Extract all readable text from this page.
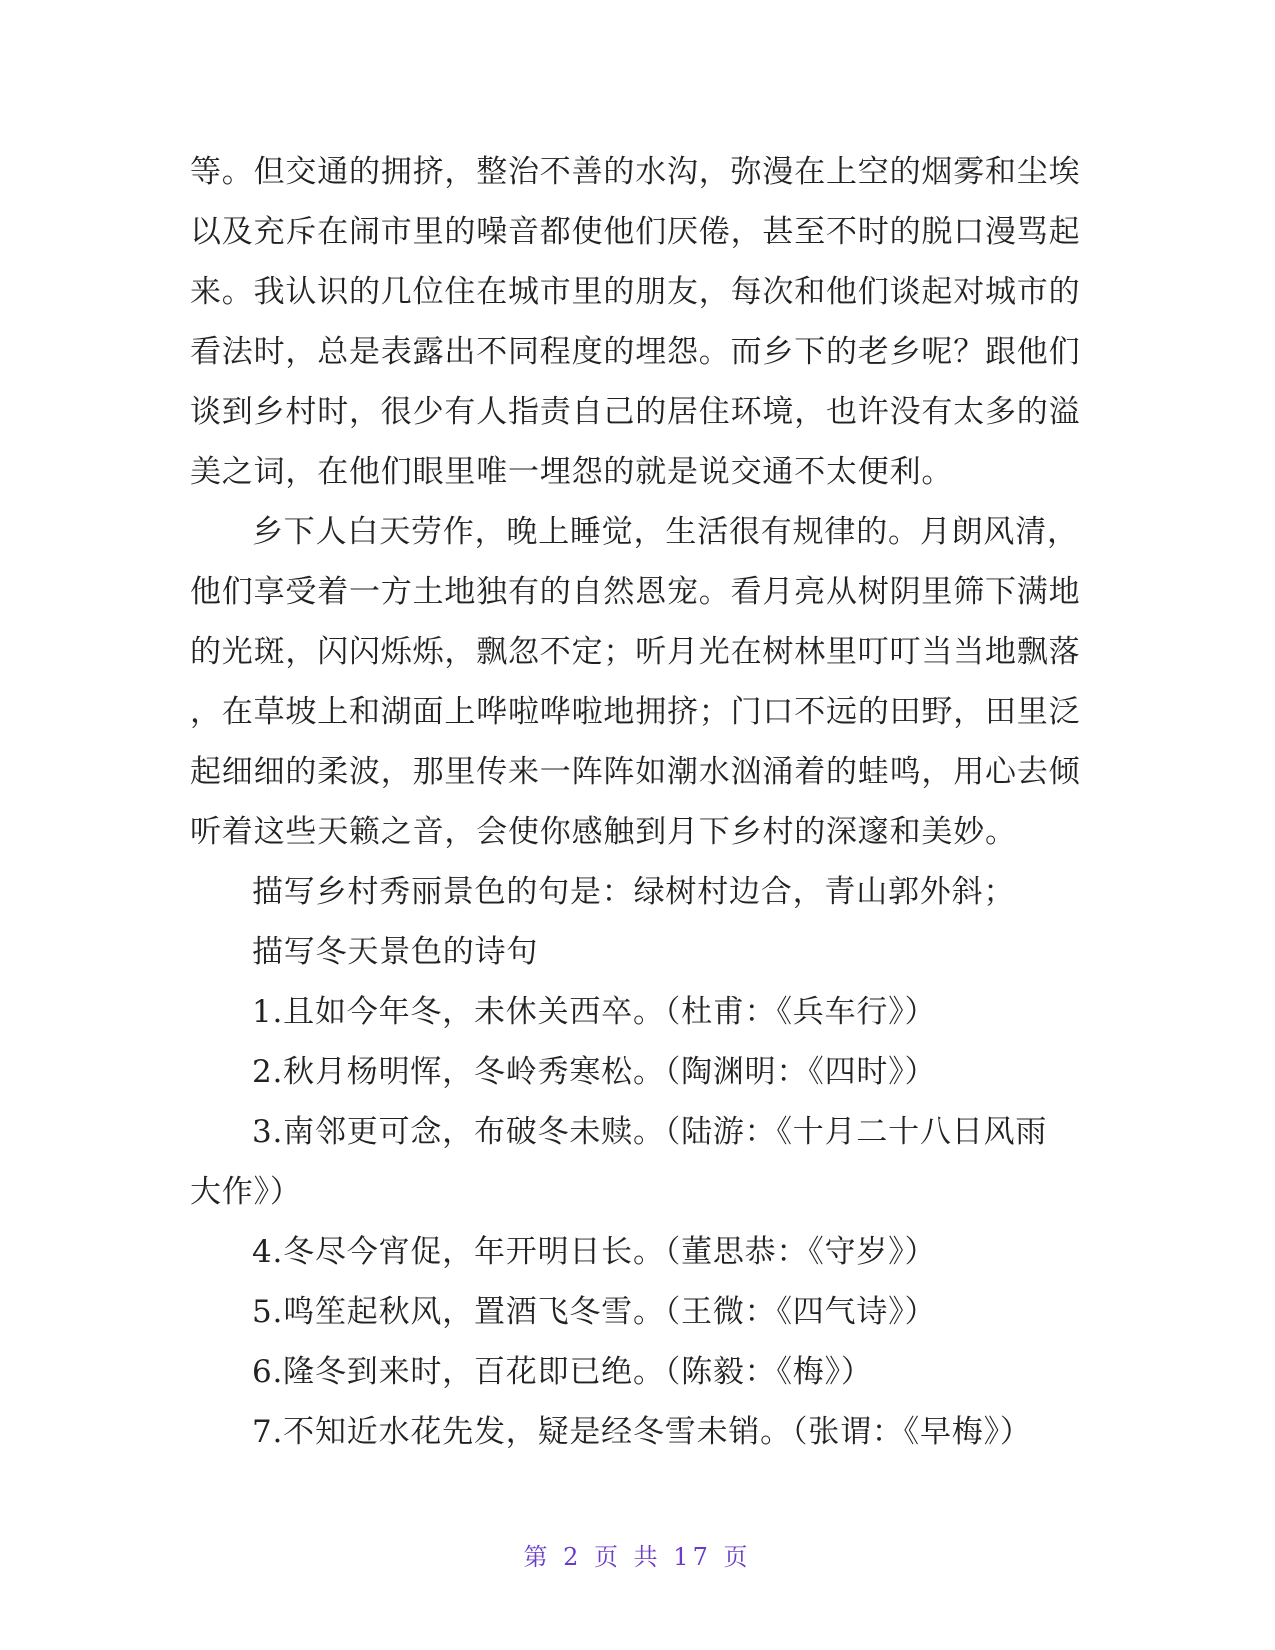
等。但交通的拥挤，整治不善的水沟，弥漫在上空的烟雾和尘埃
以及充斥在闹市里的噪音都使他们厌倦，甚至不时的脱口漫骂起
来。我认识的几位住在城市里的朋友，每次和他们谈起对城市的
看法时，总是表露出不同程度的埋怨。而乡下的老乡呢？跟他们
谈到乡村时，很少有人指责自己的居住环境，也许没有太多的溢
美之词，在他们眼里唯一埋怨的就是说交通不太便利。
乡下人白天劳作，晚上睡觉，生活很有规律的。月朗风清，
他们享受着一方土地独有的自然恩宠。看月亮从树阴里筛下满地
的光斑，闪闪烁烁，飘忽不定；听月光在树林里叮叮当当地飘落
，在草坡上和湖面上哗啦哗啦地拥挤；门口不远的田野，田里泛
起细细的柔波，那里传来一阵阵如潮水汹涌着的蛙鸣，用心去倾
听着这些天籁之音，会使你感触到月下乡村的深邃和美妙。
描写乡村秀丽景色的句是：绿树村边合，青山郭外斜；
描写冬天景色的诗句
1.且如今年冬，未休关西卒。（杜甫：《兵车行》）
2.秋月杨明恽，冬岭秀寒松。（陶渊明：《四时》）
3.南邻更可念，布破冬未赎。（陆游：《十月二十八日风雨
大作》）
4.冬尽今宵促，年开明日长。（董思恭：《守岁》）
5.鸣笙起秋风，置酒飞冬雪。（王微：《四气诗》）
6.隆冬到来时，百花即已绝。（陈毅：《梅》）
7.不知近水花先发，疑是经冬雪未销。（张谓：《早梅》）
第 2 页 共 17 页
